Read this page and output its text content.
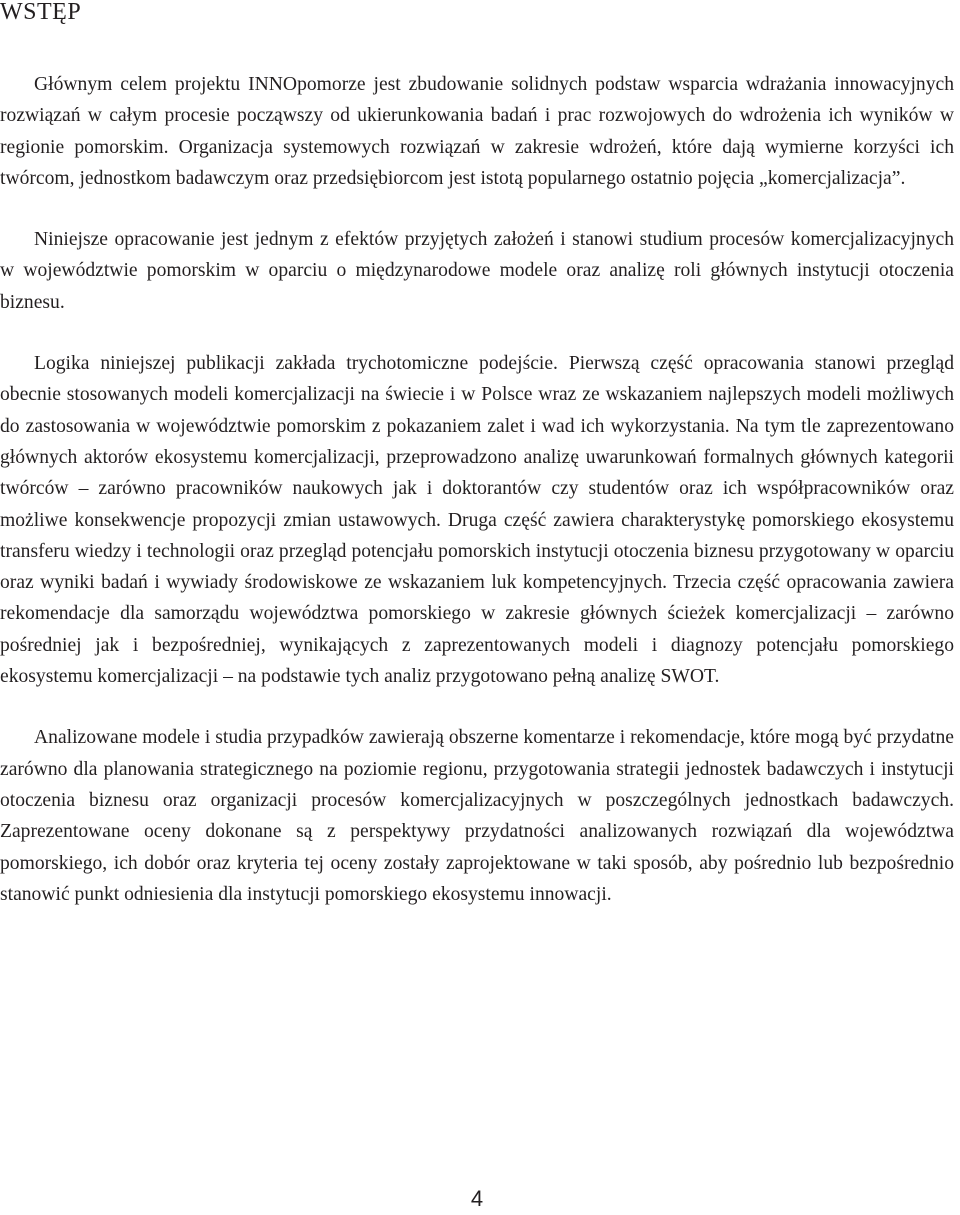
WSTĘP

Głównym celem projektu INNOpomorze jest zbudowanie solidnych podstaw wsparcia wdrażania innowacyjnych rozwiązań w całym procesie począwszy od ukierunkowania badań i prac rozwojowych do wdrożenia ich wyników w regionie pomorskim. Organizacja systemowych rozwiązań w zakresie wdrożeń, które dają wymierne korzyści ich twórcom, jednostkom badawczym oraz przedsiębiorcom jest istotą popularnego ostatnio pojęcia „komercjalizacja”.

Niniejsze opracowanie jest jednym z efektów przyjętych założeń i stanowi studium procesów komercjalizacyjnych w województwie pomorskim w oparciu o międzynarodowe modele oraz analizę roli głównych instytucji otoczenia biznesu.

Logika niniejszej publikacji zakłada trychotomiczne podejście. Pierwszą część opracowania stanowi przegląd obecnie stosowanych modeli komercjalizacji na świecie i w Polsce wraz ze wskazaniem najlepszych modeli możliwych do zastosowania w województwie pomorskim z pokazaniem zalet i wad ich wykorzystania. Na tym tle zaprezentowano głównych aktorów ekosystemu komercjalizacji, przeprowadzono analizę uwarunkowań formalnych głównych kategorii twórców – zarówno pracowników naukowych jak i doktorantów czy studentów oraz ich współpracowników oraz możliwe konsekwencje propozycji zmian ustawowych. Druga część zawiera charakterystykę pomorskiego ekosystemu transferu wiedzy i technologii oraz przegląd potencjału pomorskich instytucji otoczenia biznesu przygotowany w oparciu oraz wyniki badań i wywiady środowiskowe ze wskazaniem luk kompetencyjnych. Trzecia część opracowania zawiera rekomendacje dla samorządu województwa pomorskiego w zakresie głównych ścieżek komercjalizacji – zarówno pośredniej jak i bezpośredniej, wynikających z zaprezentowanych modeli i diagnozy potencjału pomorskiego ekosystemu komercjalizacji – na podstawie tych analiz przygotowano pełną analizę SWOT.

Analizowane modele i studia przypadków zawierają obszerne komentarze i rekomendacje, które mogą być przydatne zarówno dla planowania strategicznego na poziomie regionu, przygotowania strategii jednostek badawczych i instytucji otoczenia biznesu oraz organizacji procesów komercjalizacyjnych w poszczególnych jednostkach badawczych. Zaprezentowane oceny dokonane są z perspektywy przydatności analizowanych rozwiązań dla województwa pomorskiego, ich dobór oraz kryteria tej oceny zostały zaprojektowane w taki sposób, aby pośrednio lub bezpośrednio stanowić punkt odniesienia dla instytucji pomorskiego ekosystemu innowacji.

4
